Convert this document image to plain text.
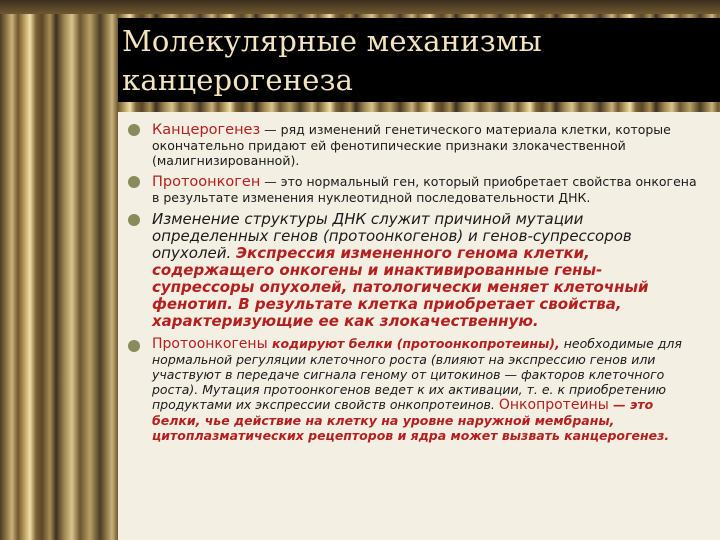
Молекулярные механизмы канцерогенеза
Канцерогенез — ряд изменений генетического материала клетки, которые окончательно придают ей фенотипические признаки злокачественной (малигнизированной).
Протоонкоген — это нормальный ген, который приобретает свойства онкогена в результате изменения нуклеотидной последовательности ДНК.
Изменение структуры ДНК служит причиной мутации определенных генов (протоонкогенов) и генов-супрессоров опухолей. Экспрессия измененного генома клетки, содержащего онкогены и инактивированные гены-супрессоры опухолей, патологически меняет клеточный фенотип. В результате клетка приобретает свойства, характеризующие ее как злокачественную.
Протоонкогены кодируют белки (протоонкопротеины), необходимые для нормальной регуляции клеточного роста (влияют на экспрессию генов или участвуют в передаче сигнала геному от цитокинов — факторов клеточного роста). Мутация протоонкогенов ведет к их активации, т. е. к приобретению продуктами их экспрессии свойств онкопротеинов. Онкопротеины — это белки, чье действие на клетку на уровне наружной мембраны, цитоплазматических рецепторов и ядра может вызвать канцерогенез.
